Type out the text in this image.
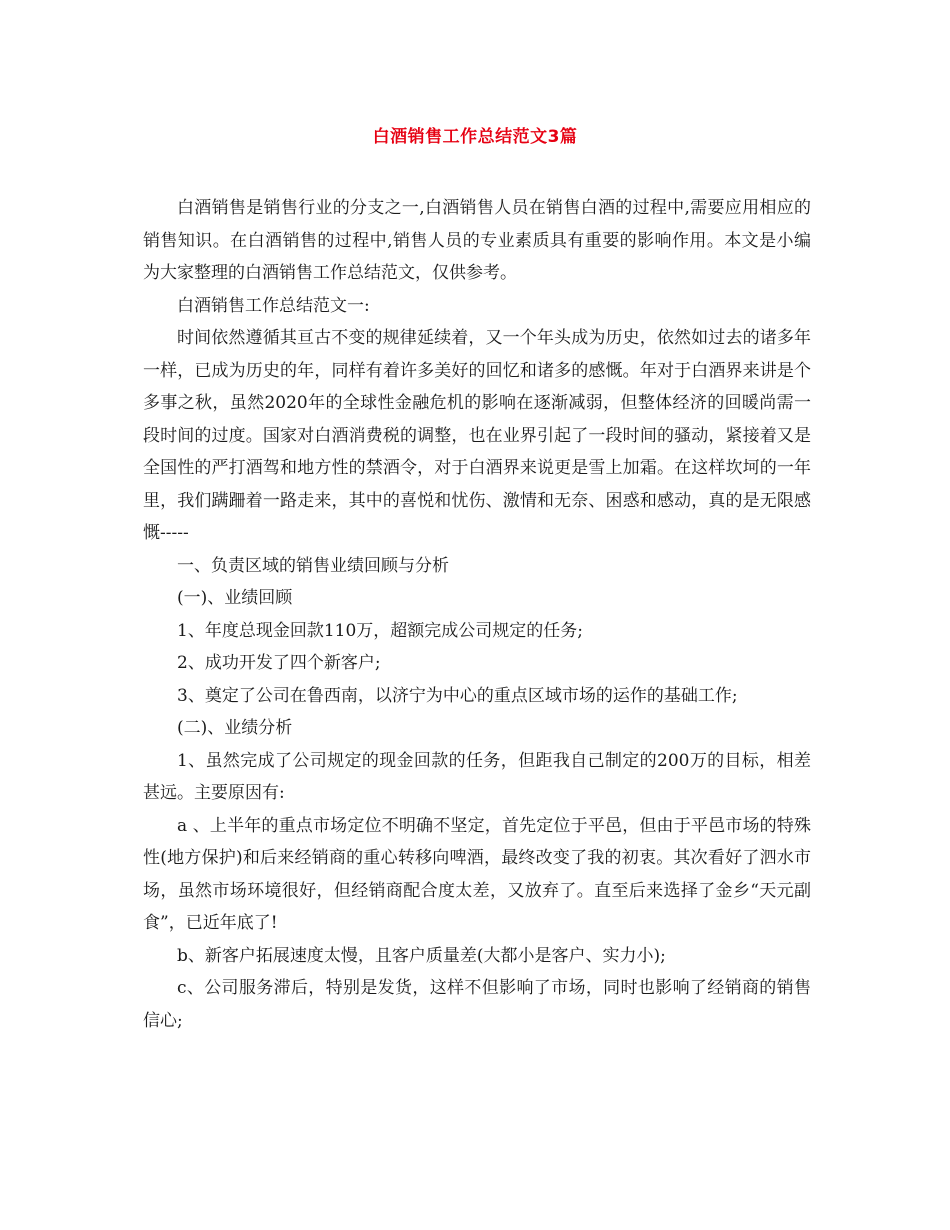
白酒销售工作总结范文3篇

白酒销售是销售行业的分支之一,白酒销售人员在销售白酒的过程中,需要应用相应的销售知识。在白酒销售的过程中,销售人员的专业素质具有重要的影响作用。本文是小编为大家整理的白酒销售工作总结范文，仅供参考。

白酒销售工作总结范文一:

时间依然遵循其亘古不变的规律延续着，又一个年头成为历史，依然如过去的诸多年一样，已成为历史的年，同样有着许多美好的回忆和诸多的感慨。年对于白酒界来讲是个多事之秋，虽然2020年的全球性金融危机的影响在逐渐减弱，但整体经济的回暖尚需一段时间的过度。国家对白酒消费税的调整，也在业界引起了一段时间的骚动，紧接着又是全国性的严打酒驾和地方性的禁酒令，对于白酒界来说更是雪上加霜。在这样坎坷的一年里，我们蹒跚着一路走来，其中的喜悦和忧伤、激情和无奈、困惑和感动，真的是无限感慨-----

一、负责区域的销售业绩回顾与分析

(一)、业绩回顾

1、年度总现金回款110万，超额完成公司规定的任务;

2、成功开发了四个新客户;

3、奠定了公司在鲁西南，以济宁为中心的重点区域市场的运作的基础工作;

(二)、业绩分析

1、虽然完成了公司规定的现金回款的任务，但距我自己制定的200万的目标，相差甚远。主要原因有:

a 、上半年的重点市场定位不明确不坚定，首先定位于平邑，但由于平邑市场的特殊性(地方保护)和后来经销商的重心转移向啤酒，最终改变了我的初衷。其次看好了泗水市场，虽然市场环境很好，但经销商配合度太差，又放弃了。直至后来选择了金乡“天元副食”，已近年底了!

b、新客户拓展速度太慢，且客户质量差(大都小是客户、实力小);

c、公司服务滞后，特别是发货，这样不但影响了市场，同时也影响了经销商的销售信心;
